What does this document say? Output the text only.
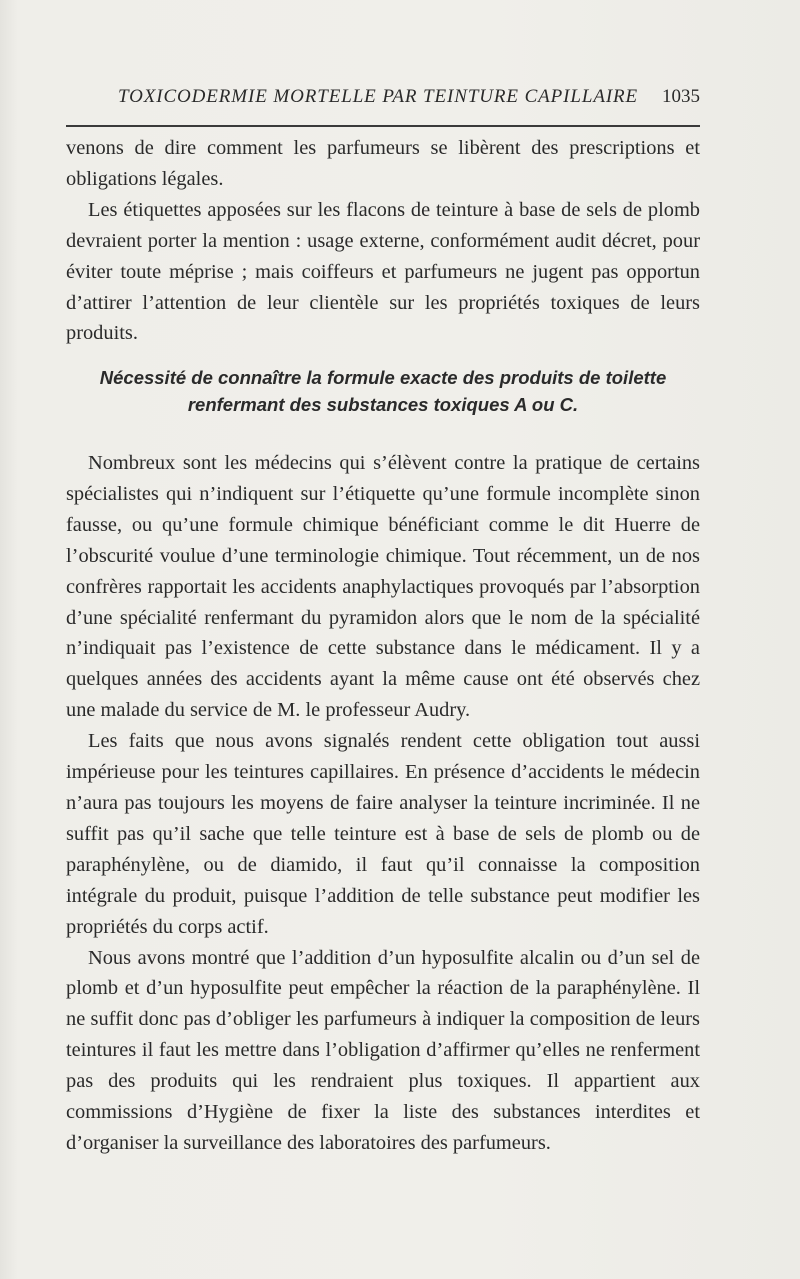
TOXICODERMIE MORTELLE PAR TEINTURE CAPILLAIRE 1035

venons de dire comment les parfumeurs se libèrent des prescriptions et obligations légales.

Les étiquettes apposées sur les flacons de teinture à base de sels de plomb devraient porter la mention : usage externe, conformément audit décret, pour éviter toute méprise ; mais coiffeurs et parfumeurs ne jugent pas opportun d’attirer l’attention de leur clientèle sur les propriétés toxiques de leurs produits.

Nécessité de connaître la formule exacte des produits de toilette
renfermant des substances toxiques A ou C.

Nombreux sont les médecins qui s’élèvent contre la pratique de certains spécialistes qui n’indiquent sur l’étiquette qu’une formule incomplète sinon fausse, ou qu’une formule chimique bénéficiant comme le dit Huerre de l’obscurité voulue d’une terminologie chimique. Tout récemment, un de nos confrères rapportait les accidents anaphylactiques provoqués par l’absorption d’une spécialité renfermant du pyramidon alors que le nom de la spécialité n’indiquait pas l’existence de cette substance dans le médicament. Il y a quelques années des accidents ayant la même cause ont été observés chez une malade du service de M. le professeur Audry.

Les faits que nous avons signalés rendent cette obligation tout aussi impérieuse pour les teintures capillaires. En présence d’accidents le médecin n’aura pas toujours les moyens de faire analyser la teinture incriminée. Il ne suffit pas qu’il sache que telle teinture est à base de sels de plomb ou de paraphénylène, ou de diamido, il faut qu’il connaisse la composition intégrale du produit, puisque l’addition de telle substance peut modifier les propriétés du corps actif.

Nous avons montré que l’addition d’un hyposulfite alcalin ou d’un sel de plomb et d’un hyposulfite peut empêcher la réaction de la paraphénylène. Il ne suffit donc pas d’obliger les parfumeurs à indiquer la composition de leurs teintures il faut les mettre dans l’obligation d’affirmer qu’elles ne renferment pas des produits qui les rendraient plus toxiques. Il appartient aux commissions d’Hygiène de fixer la liste des substances interdites et d’organiser la surveillance des laboratoires des parfumeurs.
